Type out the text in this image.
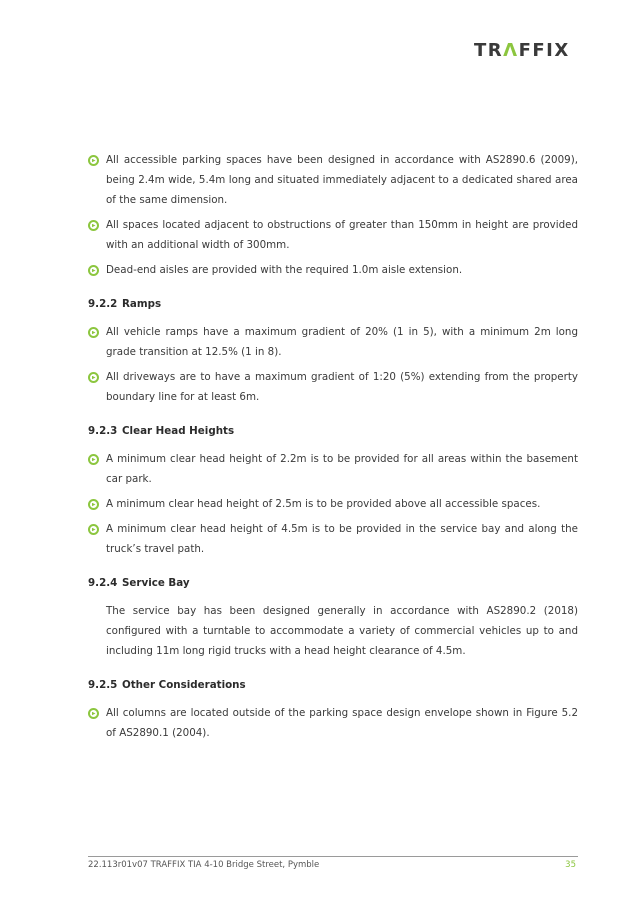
TRΛFFIX
All accessible parking spaces have been designed in accordance with AS2890.6 (2009), being 2.4m wide, 5.4m long and situated immediately adjacent to a dedicated shared area of the same dimension.
All spaces located adjacent to obstructions of greater than 150mm in height are provided with an additional width of 300mm.
Dead-end aisles are provided with the required 1.0m aisle extension.
9.2.2 Ramps
All vehicle ramps have a maximum gradient of 20% (1 in 5), with a minimum 2m long grade transition at 12.5% (1 in 8).
All driveways are to have a maximum gradient of 1:20 (5%) extending from the property boundary line for at least 6m.
9.2.3 Clear Head Heights
A minimum clear head height of 2.2m is to be provided for all areas within the basement car park.
A minimum clear head height of 2.5m is to be provided above all accessible spaces.
A minimum clear head height of 4.5m is to be provided in the service bay and along the truck’s travel path.
9.2.4 Service Bay
The service bay has been designed generally in accordance with AS2890.2 (2018) configured with a turntable to accommodate a variety of commercial vehicles up to and including 11m long rigid trucks with a head height clearance of 4.5m.
9.2.5 Other Considerations
All columns are located outside of the parking space design envelope shown in Figure 5.2 of AS2890.1 (2004).
22.113r01v07 TRAFFIX TIA 4-10 Bridge Street, Pymble	35
